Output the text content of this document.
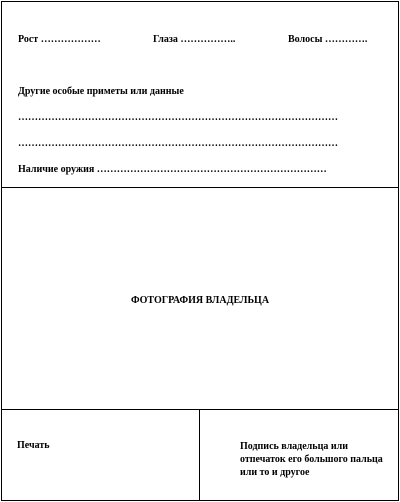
Рост ………………	Глаза ……………..	Волосы ………….
Другие особые приметы или данные
……………………………………………………………………………………
……………………………………………………………………………………
Наличие оружия ……………………………………………………………
ФОТОГРАФИЯ ВЛАДЕЛЬЦА
Печать	Подпись владельца или отпечаток его большого пальца или то и другое
